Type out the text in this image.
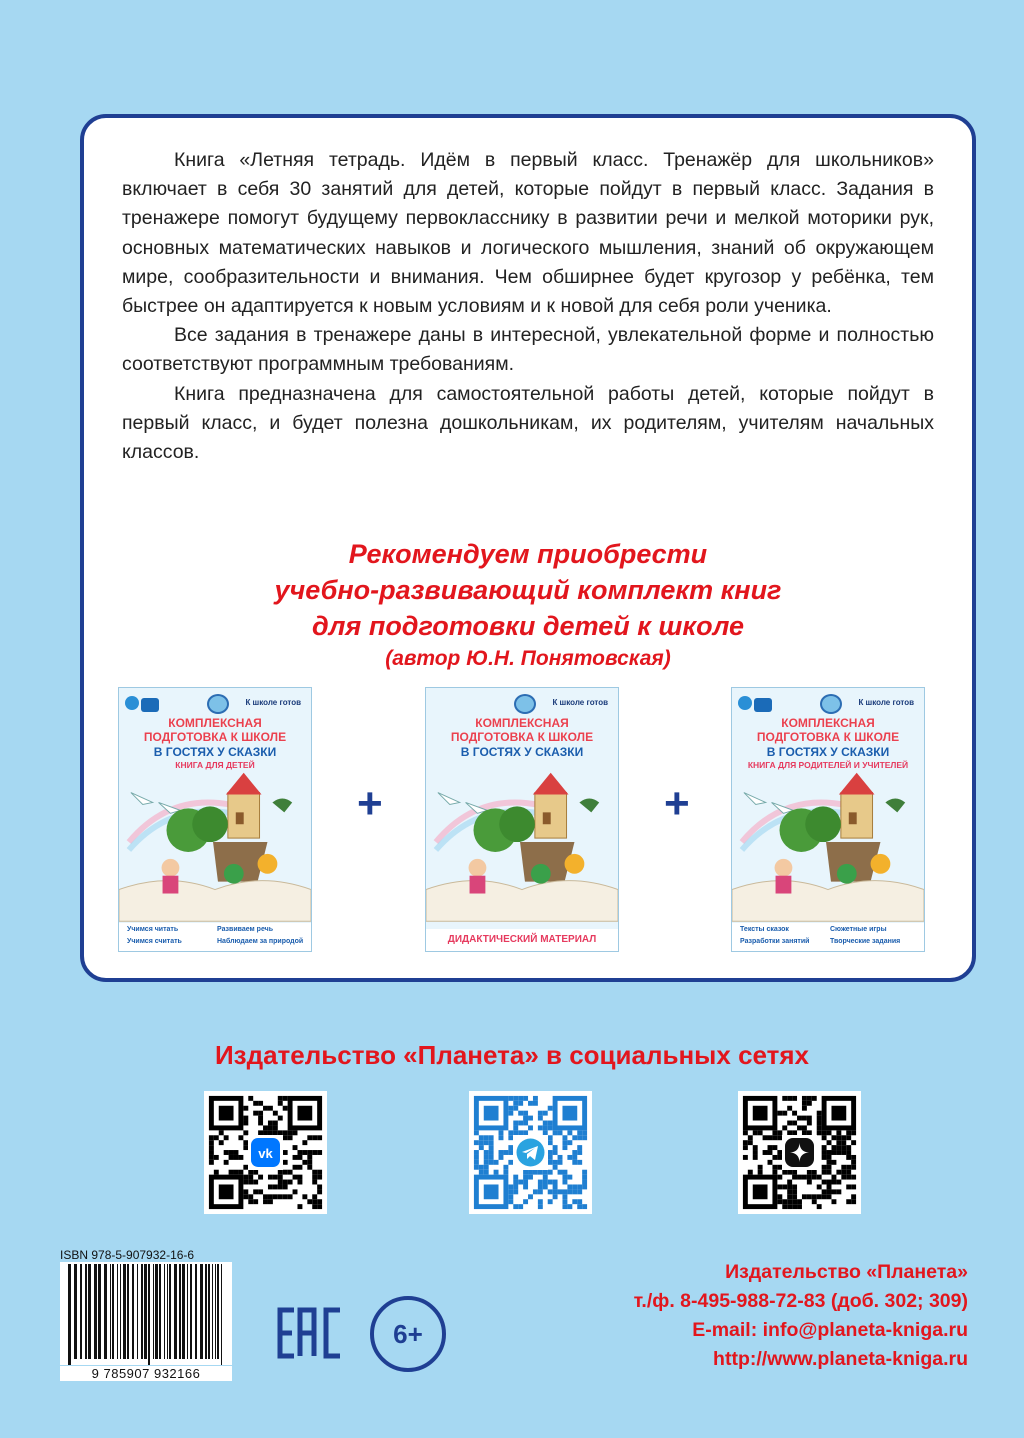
Книга «Летняя тетрадь. Идём в первый класс. Тренажёр для школьников» включает в себя 30 занятий для детей, которые пойдут в первый класс. Задания в тренажере помогут будущему первокласснику в развитии речи и мелкой моторики рук, основных математических навыков и логического мышления, знаний об окружающем мире, сообразительности и внимания. Чем обширнее будет кругозор у ребёнка, тем быстрее он адаптируется к новым условиям и к новой для себя роли ученика.

Все задания в тренажере даны в интересной, увлекательной форме и полностью соответствуют программным требованиям.

Книга предназначена для самостоятельной работы детей, которые пойдут в первый класс, и будет полезна дошкольникам, их родителям, учителям начальных классов.

Рекомендуем приобрести
учебно-развивающий комплект книг
для подготовки детей к школе
(автор Ю.Н. Понятовская)
К школе готов
КОМПЛЕКСНАЯ
ПОДГОТОВКА К ШКОЛЕ
В ГОСТЯХ У СКАЗКИ
КНИГА ДЛЯ ДЕТЕЙ
Учимся читать	Развиваем речь
Учимся считать	Наблюдаем за природой
+
К школе готов
КОМПЛЕКСНАЯ
ПОДГОТОВКА К ШКОЛЕ
В ГОСТЯХ У СКАЗКИ
ДИДАКТИЧЕСКИЙ МАТЕРИАЛ
+
К школе готов
КОМПЛЕКСНАЯ
ПОДГОТОВКА К ШКОЛЕ
В ГОСТЯХ У СКАЗКИ
КНИГА ДЛЯ РОДИТЕЛЕЙ И УЧИТЕЛЕЙ
Тексты сказок	Сюжетные игры
Разработки занятий	Творческие задания
Издательство «Планета» в социальных сетях
vk
ISBN 978-5-907932-16-6
9 785907 932166
6+
Издательство «Планета»
т./ф. 8-495-988-72-83 (доб. 302; 309)
E-mail: info@planeta-kniga.ru
http://www.planeta-kniga.ru
